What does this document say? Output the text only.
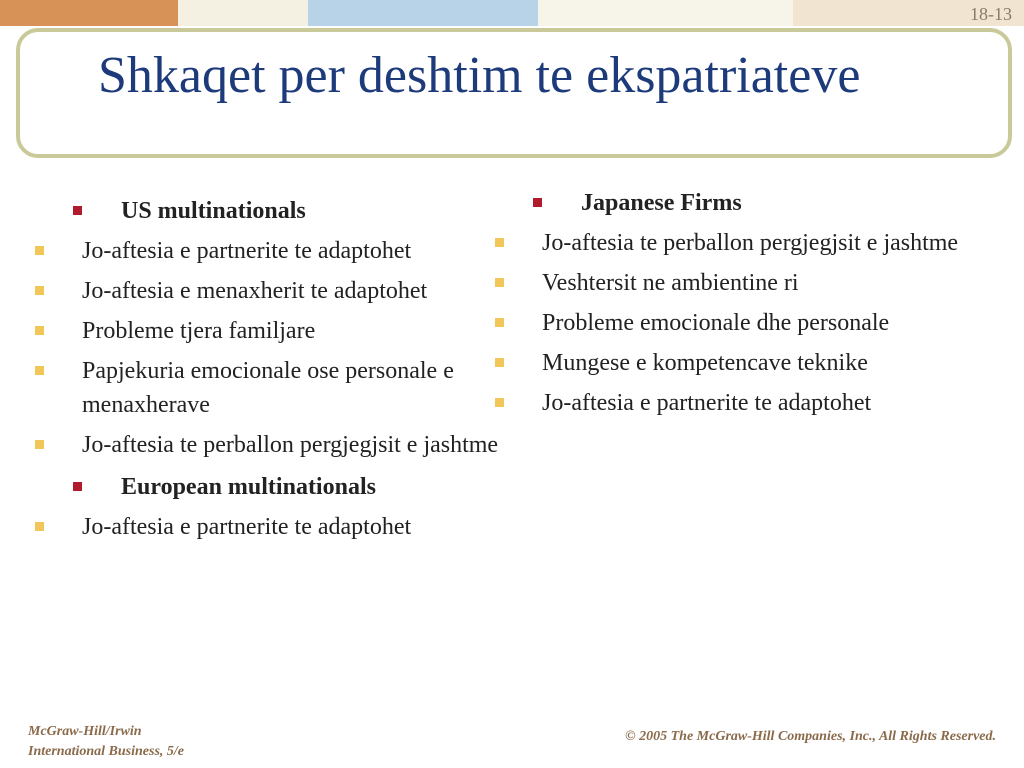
18-13
Shkaqet per deshtim te ekspatriateve
US multinationals
Jo-aftesia e partnerite te adaptohet
Jo-aftesia e menaxherit te adaptohet
Probleme tjera familjare
Papjekuria emocionale ose personale e menaxherave
Jo-aftesia te perballon pergjegjsit e jashtme
European multinationals
Jo-aftesia e partnerite te adaptohet
Japanese Firms
Jo-aftesia te perballon pergjegjsit e jashtme
Veshtersit ne ambientine ri
Probleme emocionale dhe personale
Mungese e kompetencave teknike
Jo-aftesia e partnerite te adaptohet
McGraw-Hill/Irwin
International Business, 5/e
© 2005 The McGraw-Hill Companies, Inc., All Rights Reserved.
